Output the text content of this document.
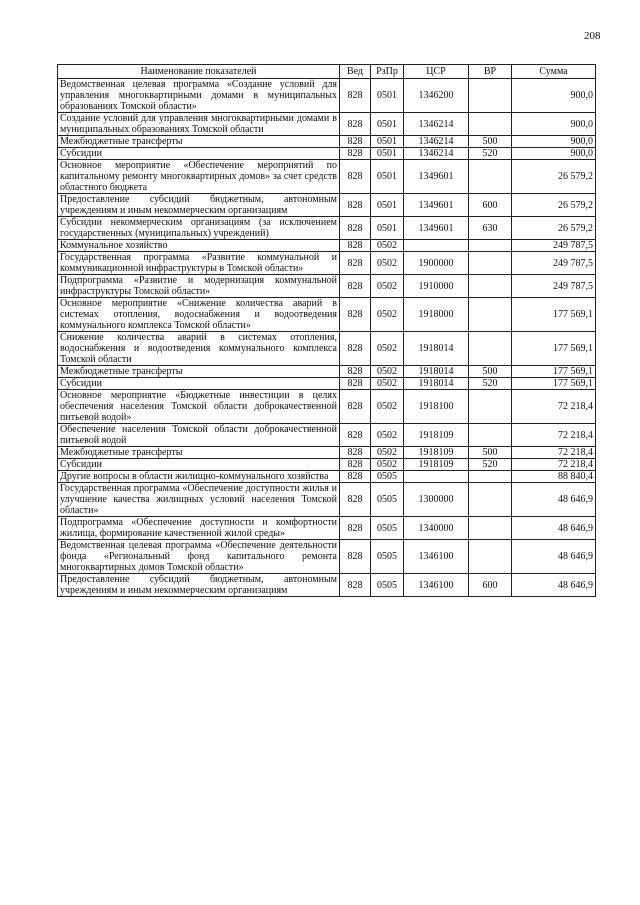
208
Наименование показателей	Вед	РзПр	ЦСР	ВР	Сумма
Ведомственная целевая программа «Создание условий для управления многоквартирными домами в муниципальных образованиях Томской области»	828	0501	1346200		900,0
Создание условий для управления многоквартирными домами в муниципальных образованиях Томской области	828	0501	1346214		900,0
Межбюджетные трансферты	828	0501	1346214	500	900,0
Субсидии	828	0501	1346214	520	900,0
Основное мероприятие «Обеспечение мероприятий по капитальному ремонту многоквартирных домов» за счет средств областного бюджета	828	0501	1349601		26 579,2
Предоставление субсидий бюджетным, автономным учреждениям и иным некоммерческим организациям	828	0501	1349601	600	26 579,2
Субсидии некоммерческим организациям (за исключением государственных (муниципальных) учреждений)	828	0501	1349601	630	26 579,2
Коммунальное хозяйство	828	0502			249 787,5
Государственная программа «Развитие коммунальной и коммуникационной инфраструктуры в Томской области»	828	0502	1900000		249 787,5
Подпрограмма «Развитие и модернизация коммунальной инфраструктуры Томской области»	828	0502	1910000		249 787,5
Основное мероприятие «Снижение количества аварий в системах отопления, водоснабжения и водоотведения коммунального комплекса Томской области»	828	0502	1918000		177 569,1
Снижение количества аварий в системах отопления, водоснабжения и водоотведения коммунального комплекса Томской области	828	0502	1918014		177 569,1
Межбюджетные трансферты	828	0502	1918014	500	177 569,1
Субсидии	828	0502	1918014	520	177 569,1
Основное мероприятие «Бюджетные инвестиции в целях обеспечения населения Томской области доброкачественной питьевой водой»	828	0502	1918100		72 218,4
Обеспечение населения Томской области доброкачественной питьевой водой	828	0502	1918109		72 218,4
Межбюджетные трансферты	828	0502	1918109	500	72 218,4
Субсидии	828	0502	1918109	520	72 218,4
Другие вопросы в области жилищно-коммунального хозяйства	828	0505			88 840,4
Государственная программа «Обеспечение доступности жилья и улучшение качества жилищных условий населения Томской области»	828	0505	1300000		48 646,9
Подпрограмма «Обеспечение доступности и комфортности жилища, формирование качественной жилой среды»	828	0505	1340000		48 646,9
Ведомственная целевая программа «Обеспечение деятельности фонда «Региональный фонд капитального ремонта многоквартирных домов Томской области»	828	0505	1346100		48 646,9
Предоставление субсидий бюджетным, автономным учреждениям и иным некоммерческим организациям	828	0505	1346100	600	48 646,9
